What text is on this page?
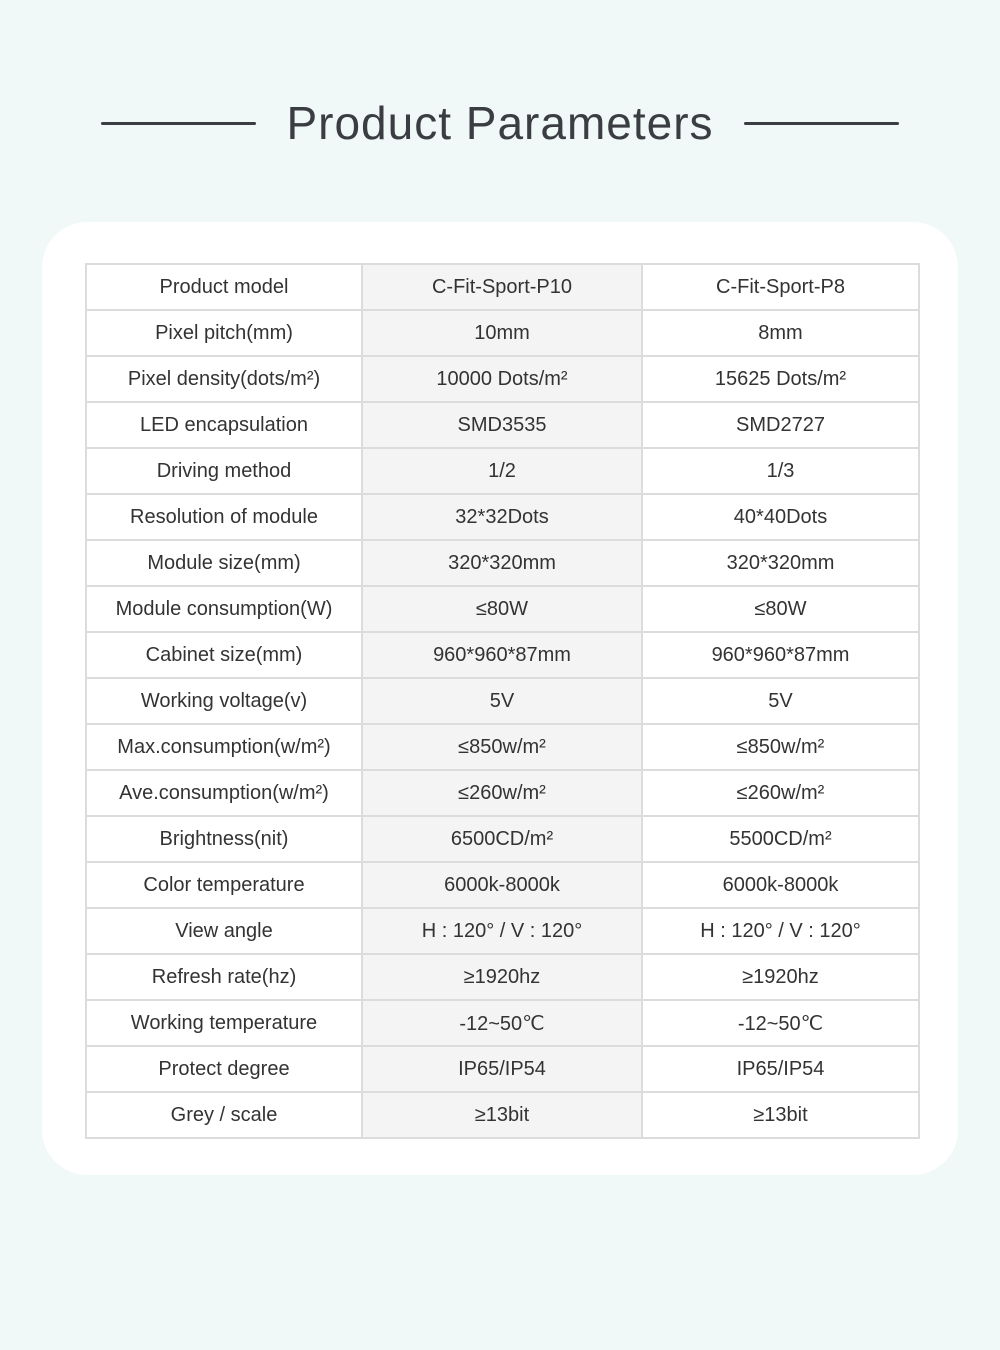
Product Parameters
Product model	C-Fit-Sport-P10	C-Fit-Sport-P8
Pixel pitch(mm)	10mm	8mm
Pixel density(dots/m²)	10000 Dots/m²	15625 Dots/m²
LED encapsulation	SMD3535	SMD2727
Driving method	1/2	1/3
Resolution of module	32*32Dots	40*40Dots
Module size(mm)	320*320mm	320*320mm
Module consumption(W)	≤80W	≤80W
Cabinet size(mm)	960*960*87mm	960*960*87mm
Working voltage(v)	5V	5V
Max.consumption(w/m²)	≤850w/m²	≤850w/m²
Ave.consumption(w/m²)	≤260w/m²	≤260w/m²
Brightness(nit)	6500CD/m²	5500CD/m²
Color temperature	6000k-8000k	6000k-8000k
View angle	H : 120° / V : 120°	H : 120° / V : 120°
Refresh rate(hz)	≥1920hz	≥1920hz
Working temperature	-12~50℃	-12~50℃
Protect degree	IP65/IP54	IP65/IP54
Grey / scale	≥13bit	≥13bit
